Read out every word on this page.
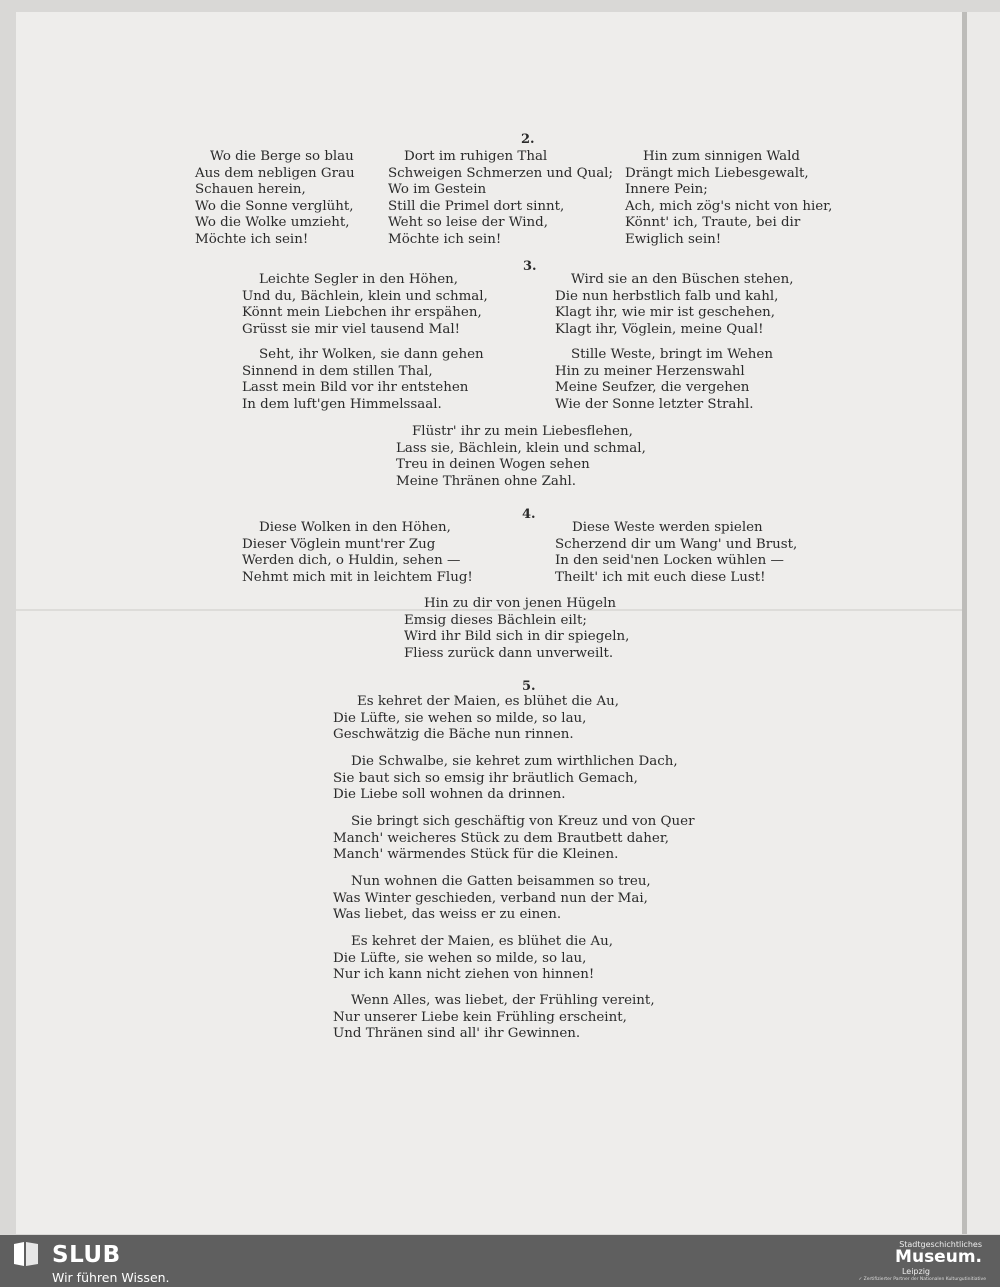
2.
Wo die Berge so blau
Aus dem nebligen Grau
Schauen herein,
Wo die Sonne verglüht,
Wo die Wolke umzieht,
Möchte ich sein!
Dort im ruhigen Thal
Schweigen Schmerzen und Qual;
Wo im Gestein
Still die Primel dort sinnt,
Weht so leise der Wind,
Möchte ich sein!
Hin zum sinnigen Wald
Drängt mich Liebesgewalt,
Innere Pein;
Ach, mich zög's nicht von hier,
Könnt' ich, Traute, bei dir
Ewiglich sein!
3.
Leichte Segler in den Höhen,
Und du, Bächlein, klein und schmal,
Könnt mein Liebchen ihr erspähen,
Grüsst sie mir viel tausend Mal!
Wird sie an den Büschen stehen,
Die nun herbstlich falb und kahl,
Klagt ihr, wie mir ist geschehen,
Klagt ihr, Vöglein, meine Qual!
Seht, ihr Wolken, sie dann gehen
Sinnend in dem stillen Thal,
Lasst mein Bild vor ihr entstehen
In dem luft'gen Himmelssaal.
Stille Weste, bringt im Wehen
Hin zu meiner Herzenswahl
Meine Seufzer, die vergehen
Wie der Sonne letzter Strahl.
Flüstr' ihr zu mein Liebesflehen,
Lass sie, Bächlein, klein und schmal,
Treu in deinen Wogen sehen
Meine Thränen ohne Zahl.
4.
Diese Wolken in den Höhen,
Dieser Vöglein munt'rer Zug
Werden dich, o Huldin, sehen —
Nehmt mich mit in leichtem Flug!
Diese Weste werden spielen
Scherzend dir um Wang' und Brust,
In den seid'nen Locken wühlen —
Theilt' ich mit euch diese Lust!
Hin zu dir von jenen Hügeln
Emsig dieses Bächlein eilt;
Wird ihr Bild sich in dir spiegeln,
Fliess zurück dann unverweilt.
5.
Es kehret der Maien, es blühet die Au,
Die Lüfte, sie wehen so milde, so lau,
Geschwätzig die Bäche nun rinnen.
Die Schwalbe, sie kehret zum wirthlichen Dach,
Sie baut sich so emsig ihr bräutlich Gemach,
Die Liebe soll wohnen da drinnen.
Sie bringt sich geschäftig von Kreuz und von Quer
Manch' weicheres Stück zu dem Brautbett daher,
Manch' wärmendes Stück für die Kleinen.
Nun wohnen die Gatten beisammen so treu,
Was Winter geschieden, verband nun der Mai,
Was liebet, das weiss er zu einen.
Es kehret der Maien, es blühet die Au,
Die Lüfte, sie wehen so milde, so lau,
Nur ich kann nicht ziehen von hinnen!
Wenn Alles, was liebet, der Frühling vereint,
Nur unserer Liebe kein Frühling erscheint,
Und Thränen sind all' ihr Gewinnen.
SLUB
Wir führen Wissen.
Stadtgeschichtliches
Museum.
Leipzig
✓ Zertifizierter Partner der Nationalen Kulturgutinitiative
